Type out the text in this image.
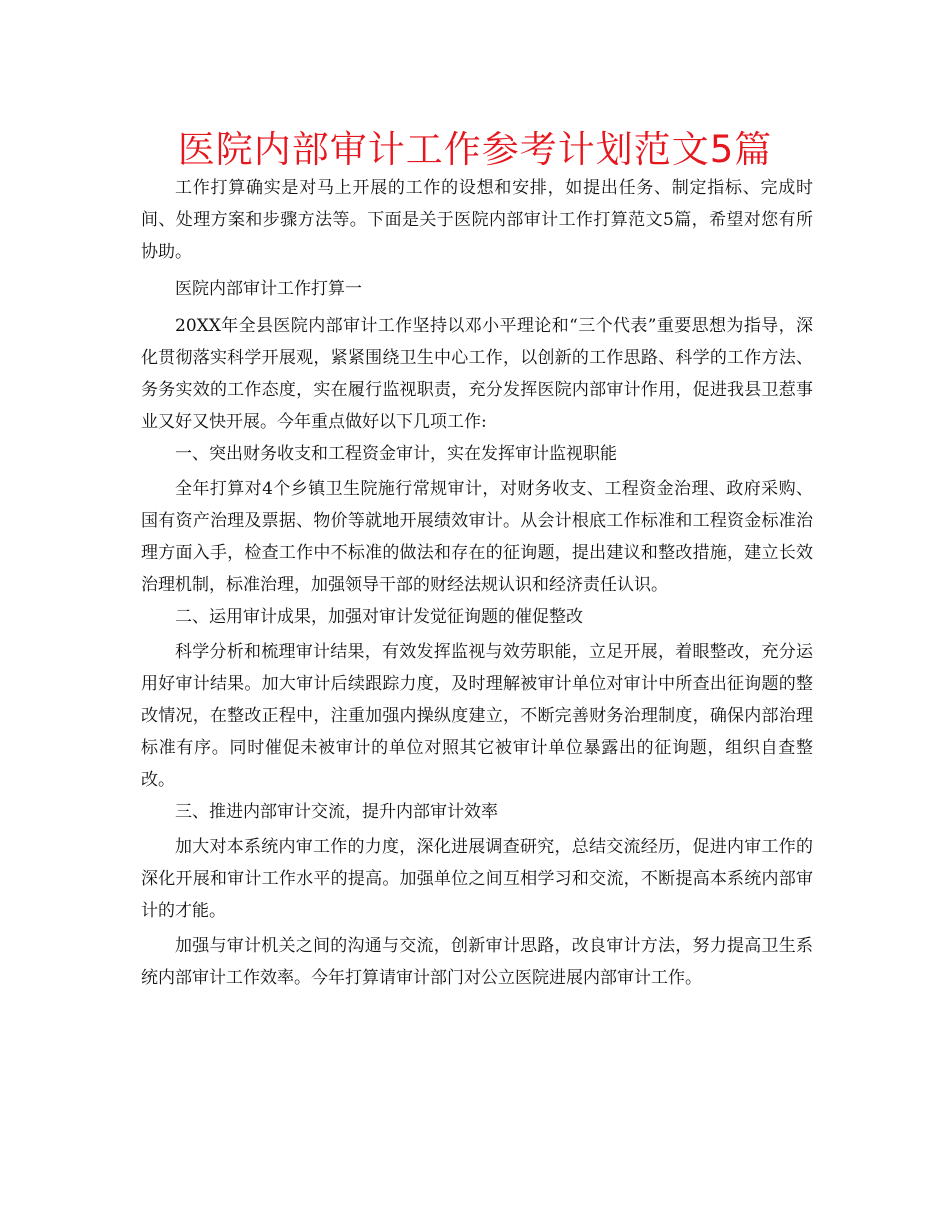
医院内部审计工作参考计划范文5篇

工作打算确实是对马上开展的工作的设想和安排，如提出任务、制定指标、完成时间、处理方案和步骤方法等。下面是关于医院内部审计工作打算范文5篇，希望对您有所协助。

医院内部审计工作打算一

20XX年全县医院内部审计工作坚持以邓小平理论和“三个代表”重要思想为指导，深化贯彻落实科学开展观，紧紧围绕卫生中心工作，以创新的工作思路、科学的工作方法、务务实效的工作态度，实在履行监视职责，充分发挥医院内部审计作用，促进我县卫惹事业又好又快开展。今年重点做好以下几项工作:

一、突出财务收支和工程资金审计，实在发挥审计监视职能

全年打算对4个乡镇卫生院施行常规审计，对财务收支、工程资金治理、政府采购、国有资产治理及票据、物价等就地开展绩效审计。从会计根底工作标准和工程资金标准治理方面入手，检查工作中不标准的做法和存在的征询题，提出建议和整改措施，建立长效治理机制，标准治理，加强领导干部的财经法规认识和经济责任认识。

二、运用审计成果，加强对审计发觉征询题的催促整改

科学分析和梳理审计结果，有效发挥监视与效劳职能，立足开展，着眼整改，充分运用好审计结果。加大审计后续跟踪力度，及时理解被审计单位对审计中所查出征询题的整改情况，在整改正程中，注重加强内操纵度建立，不断完善财务治理制度，确保内部治理标准有序。同时催促未被审计的单位对照其它被审计单位暴露出的征询题，组织自查整改。

三、推进内部审计交流，提升内部审计效率

加大对本系统内审工作的力度，深化进展调查研究，总结交流经历，促进内审工作的深化开展和审计工作水平的提高。加强单位之间互相学习和交流，不断提高本系统内部审计的才能。

加强与审计机关之间的沟通与交流，创新审计思路，改良审计方法，努力提高卫生系统内部审计工作效率。今年打算请审计部门对公立医院进展内部审计工作。
